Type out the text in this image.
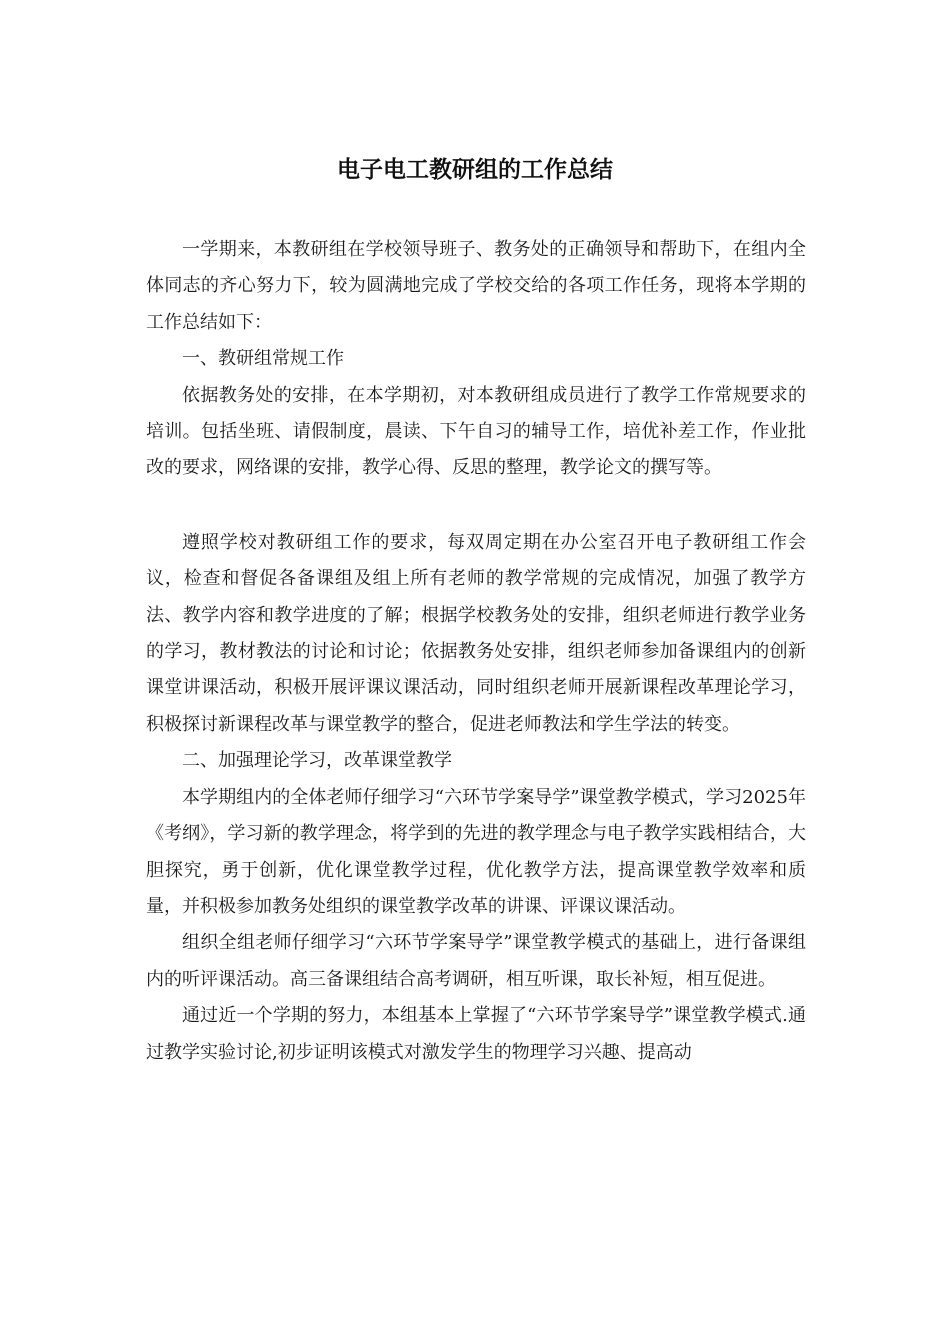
电子电工教研组的工作总结

一学期来，本教研组在学校领导班子、教务处的正确领导和帮助下，在组内全体同志的齐心努力下，较为圆满地完成了学校交给的各项工作任务，现将本学期的工作总结如下：

一、教研组常规工作

依据教务处的安排，在本学期初，对本教研组成员进行了教学工作常规要求的培训。包括坐班、请假制度，晨读、下午自习的辅导工作，培优补差工作，作业批改的要求，网络课的安排，教学心得、反思的整理，教学论文的撰写等。

遵照学校对教研组工作的要求，每双周定期在办公室召开电子教研组工作会议，检查和督促各备课组及组上所有老师的教学常规的完成情况，加强了教学方法、教学内容和教学进度的了解；根据学校教务处的安排，组织老师进行教学业务的学习，教材教法的讨论和讨论；依据教务处安排，组织老师参加备课组内的创新课堂讲课活动，积极开展评课议课活动，同时组织老师开展新课程改革理论学习，积极探讨新课程改革与课堂教学的整合，促进老师教法和学生学法的转变。

二、加强理论学习，改革课堂教学

本学期组内的全体老师仔细学习“六环节学案导学”课堂教学模式，学习2025年《考纲》，学习新的教学理念，将学到的先进的教学理念与电子教学实践相结合，大胆探究，勇于创新，优化课堂教学过程，优化教学方法，提高课堂教学效率和质量，并积极参加教务处组织的课堂教学改革的讲课、评课议课活动。

组织全组老师仔细学习“六环节学案导学”课堂教学模式的基础上，进行备课组内的听评课活动。高三备课组结合高考调研，相互听课，取长补短，相互促进。

通过近一个学期的努力，本组基本上掌握了“六环节学案导学”课堂教学模式.通过教学实验讨论,初步证明该模式对激发学生的物理学习兴趣、提高动
